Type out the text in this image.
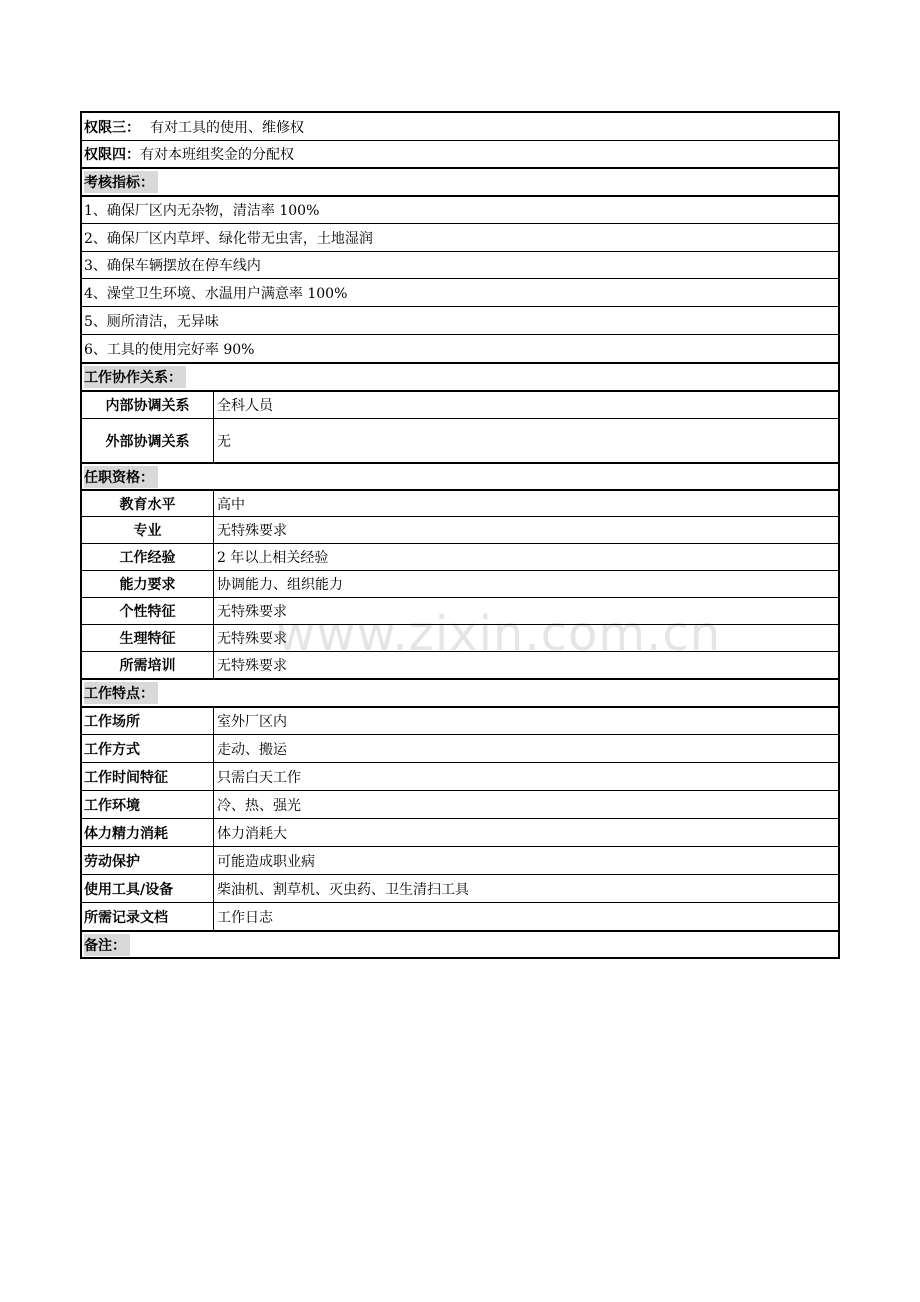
权限三： 有对工具的使用、维修权
权限四： 有对本班组奖金的分配权
考核指标：
1、确保厂区内无杂物，清洁率 100%
2、确保厂区内草坪、绿化带无虫害，土地湿润
3、确保车辆摆放在停车线内
4、澡堂卫生环境、水温用户满意率 100%
5、厕所清洁，无异味
6、工具的使用完好率 90%
工作协作关系：
内部协调关系	全科人员
外部协调关系	无
任职资格：
教育水平	高中
专业	无特殊要求
工作经验	2 年以上相关经验
能力要求	协调能力、组织能力
个性特征	无特殊要求
生理特征	无特殊要求
所需培训	无特殊要求
工作特点：
工作场所	室外厂区内
工作方式	走动、搬运
工作时间特征	只需白天工作
工作环境	冷、热、强光
体力精力消耗	体力消耗大
劳动保护	可能造成职业病
使用工具/设备	柴油机、割草机、灭虫药、卫生清扫工具
所需记录文档	工作日志
备注：
www.zixin.com.cn
